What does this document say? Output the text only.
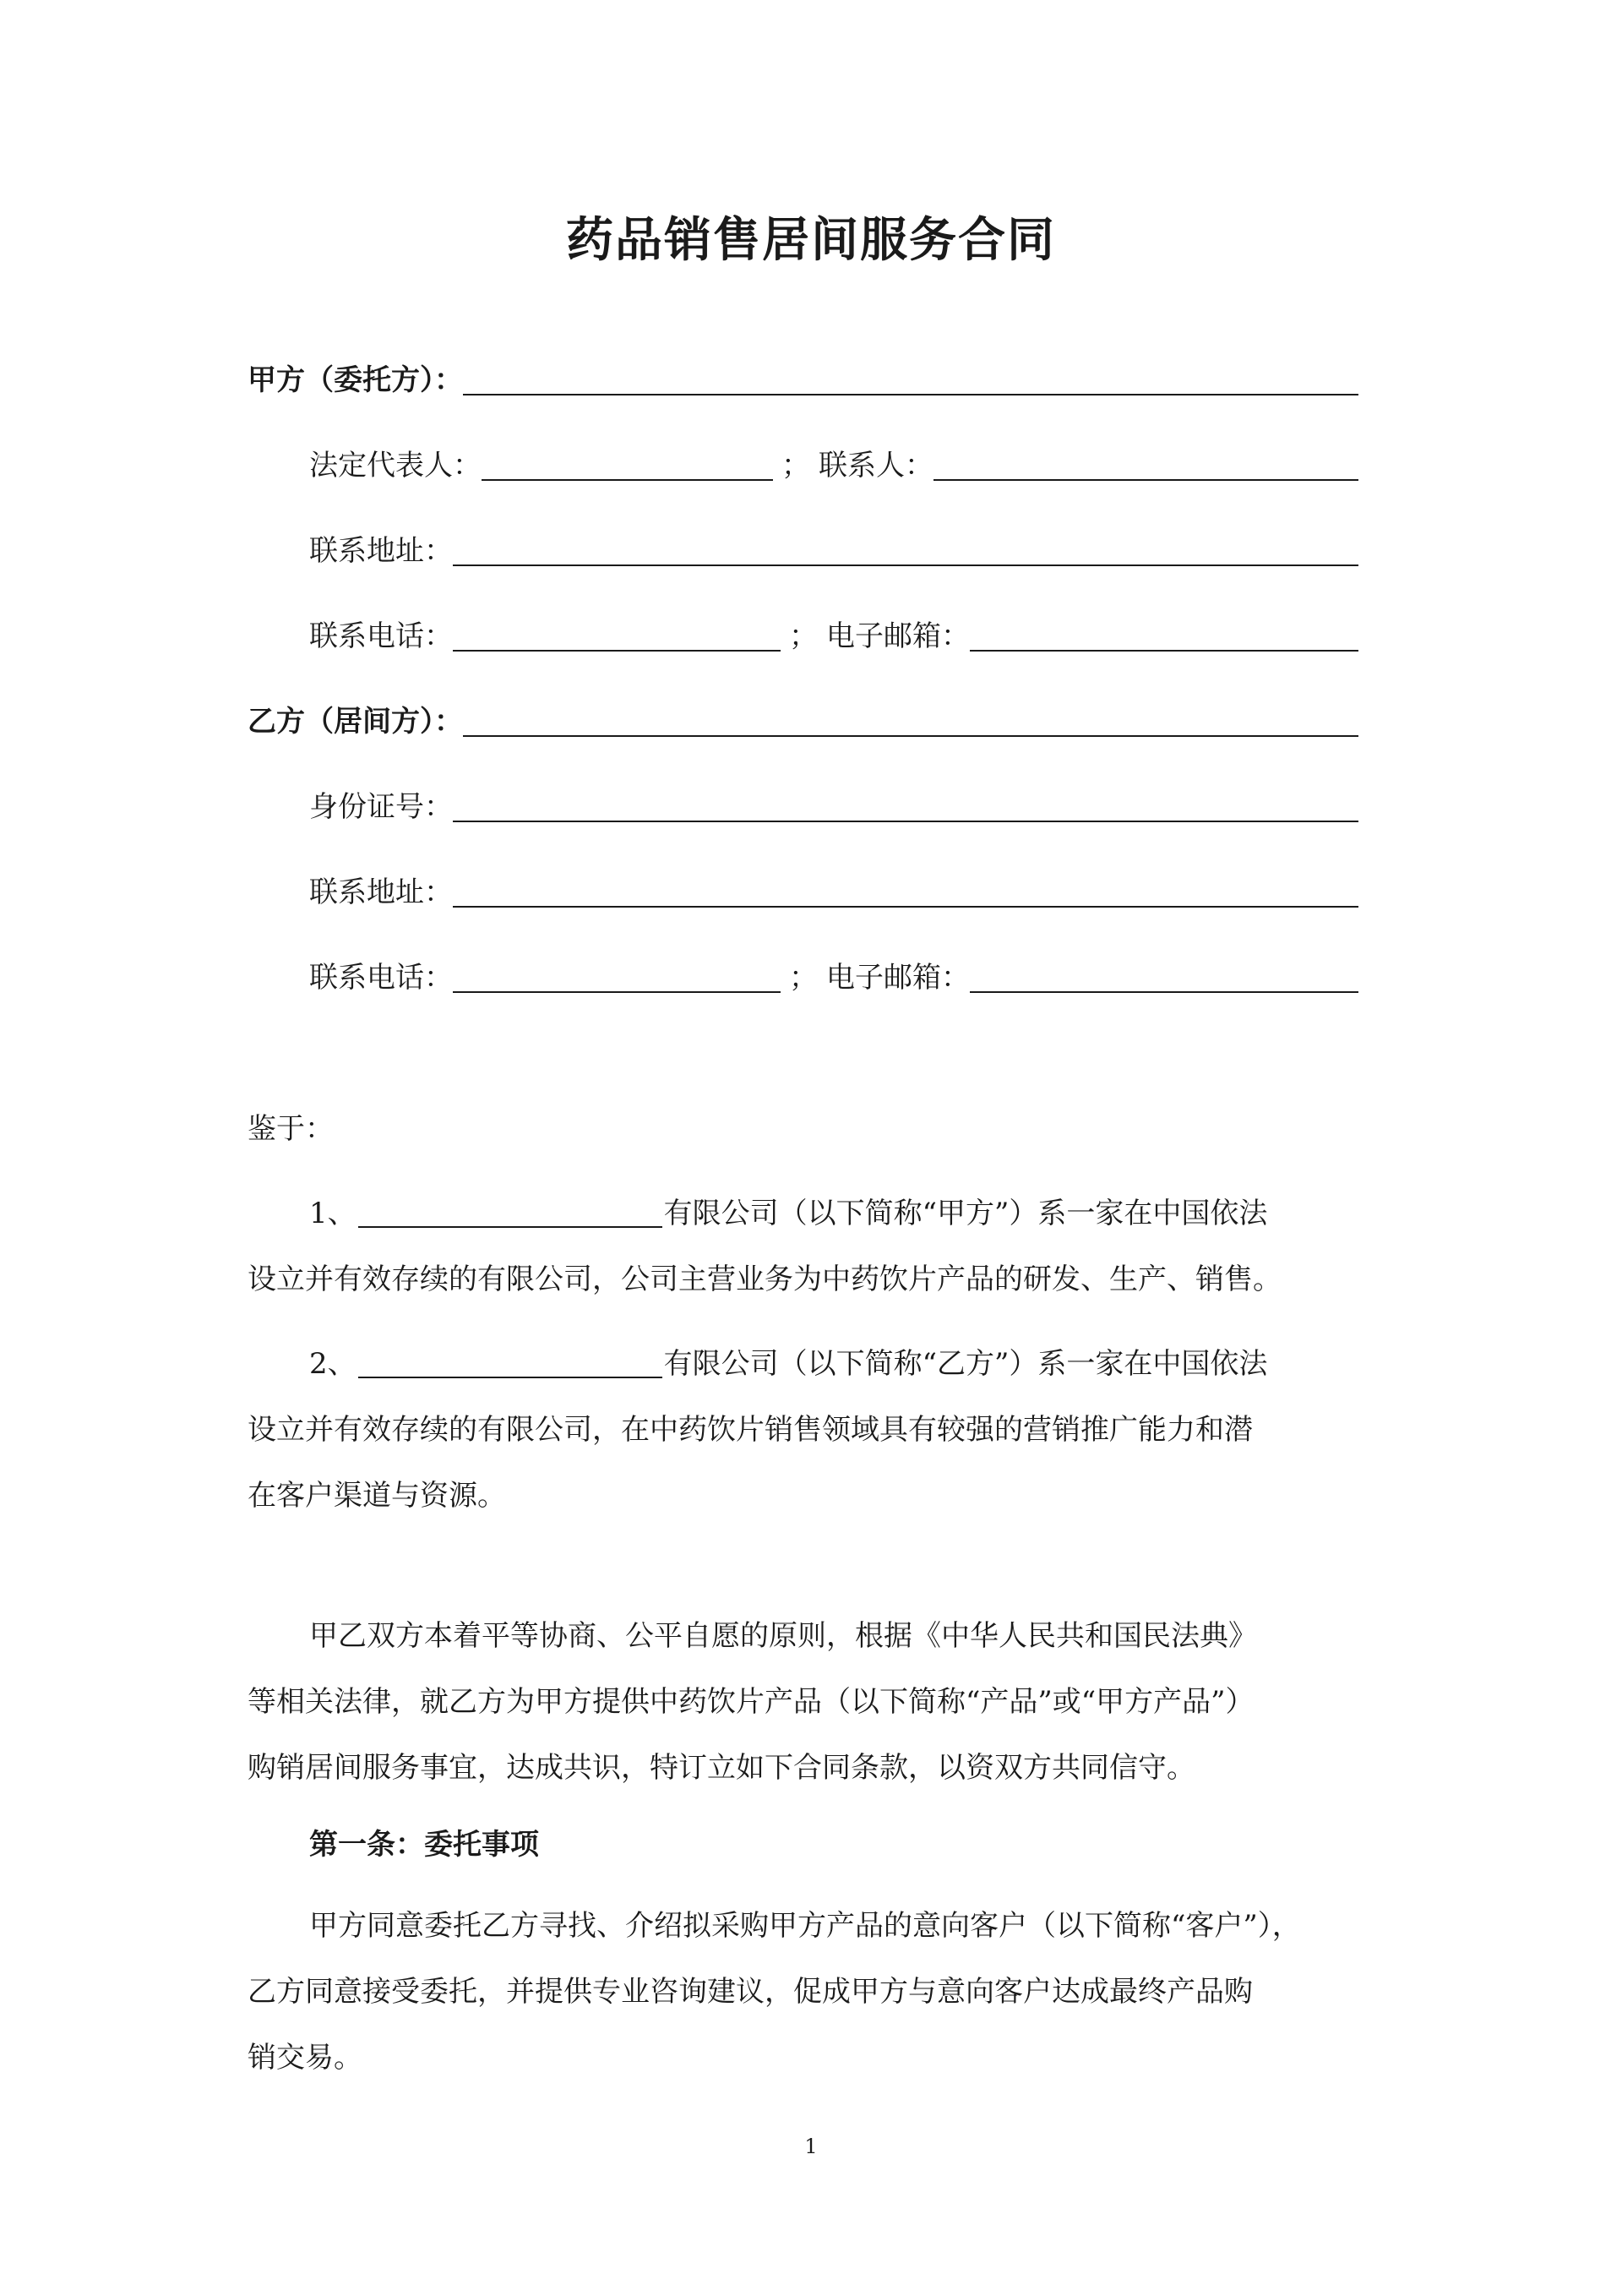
药品销售居间服务合同
甲方（委托方）：
法定代表人：	； 联系人：
联系地址：
联系电话：	； 电子邮箱：
乙方（居间方）：
身份证号：
联系地址：
联系电话：	； 电子邮箱：
鉴于：
1、	有限公司（以下简称“甲方”）系一家在中国依法
设立并有效存续的有限公司，公司主营业务为中药饮片产品的研发、生产、销售。
2、	有限公司（以下简称“乙方”）系一家在中国依法
设立并有效存续的有限公司，在中药饮片销售领域具有较强的营销推广能力和潜
在客户渠道与资源。
甲乙双方本着平等协商、公平自愿的原则，根据《中华人民共和国民法典》
等相关法律，就乙方为甲方提供中药饮片产品（以下简称“产品”或“甲方产品”）
购销居间服务事宜，达成共识，特订立如下合同条款，以资双方共同信守。
第一条：委托事项
甲方同意委托乙方寻找、介绍拟采购甲方产品的意向客户（以下简称“客户”），
乙方同意接受委托，并提供专业咨询建议，促成甲方与意向客户达成最终产品购
销交易。
1
